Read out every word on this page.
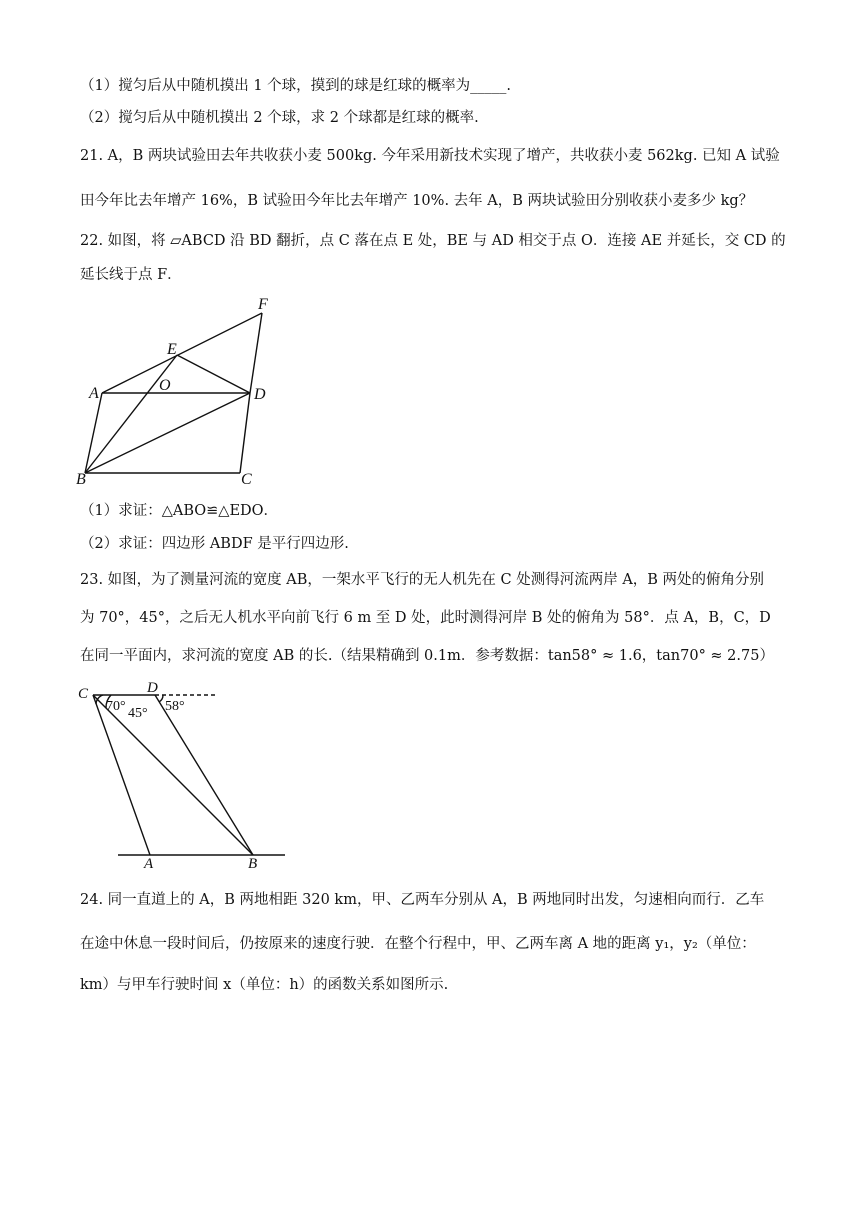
（1）搅匀后从中随机摸出 1 个球，摸到的球是红球的概率为_____.
（2）搅匀后从中随机摸出 2 个球，求 2 个球都是红球的概率.
21. A，B 两块试验田去年共收获小麦 500kg. 今年采用新技术实现了增产，共收获小麦 562kg. 已知 A 试验
田今年比去年增产 16%，B 试验田今年比去年增产 10%. 去年 A，B 两块试验田分别收获小麦多少 kg？
22. 如图，将 ▱ABCD 沿 BD 翻折，点 C 落在点 E 处，BE 与 AD 相交于点 O．连接 AE 并延长，交 CD 的
延长线于点 F．
A
B	C
D
E
F
O
（1）求证：△ABO≌△EDO．
（2）求证：四边形 ABDF 是平行四边形.
23. 如图，为了测量河流的宽度 AB，一架水平飞行的无人机先在 C 处测得河流两岸 A，B 两处的俯角分别
为 70°，45°，之后无人机水平向前飞行 6 m 至 D 处，此时测得河岸 B 处的俯角为 58°．点 A，B，C，D
在同一平面内，求河流的宽度 AB 的长.（结果精确到 0.1m．参考数据：tan58° ≈ 1.6，tan70° ≈ 2.75）
C	D
A	B
70° 45° 58°
24. 同一直道上的 A，B 两地相距 320 km，甲、乙两车分别从 A，B 两地同时出发，匀速相向而行．乙车
在途中休息一段时间后，仍按原来的速度行驶．在整个行程中，甲、乙两车离 A 地的距离 y₁，y₂（单位：
km）与甲车行驶时间 x（单位：h）的函数关系如图所示.
